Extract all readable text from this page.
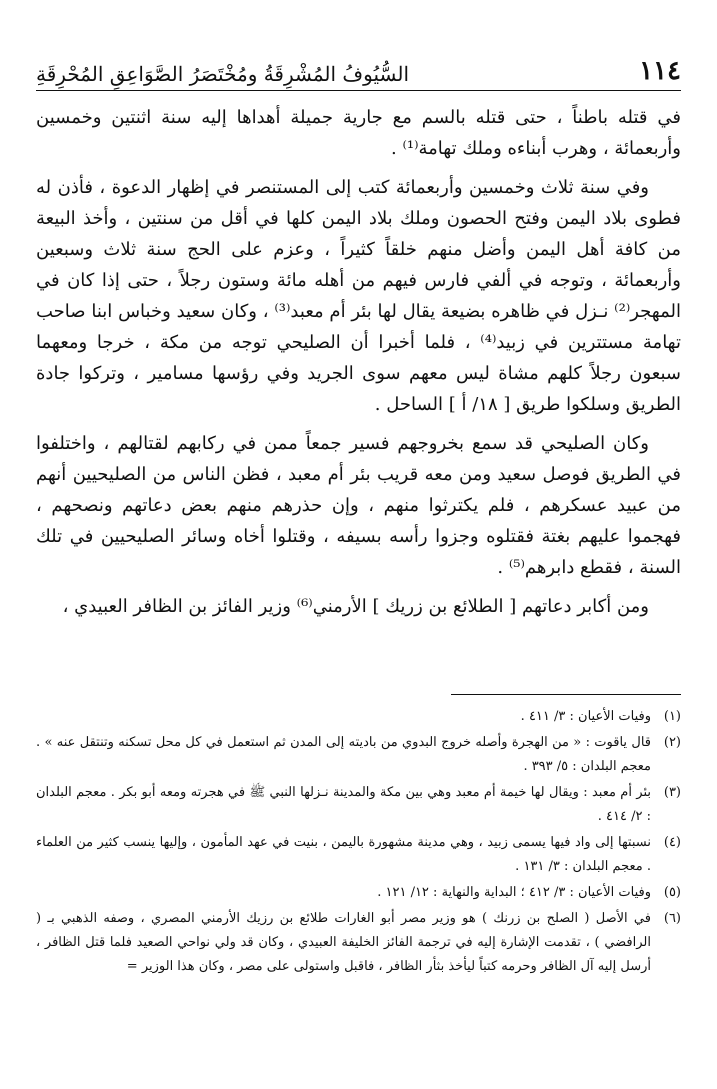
١١٤
السُّيُوفُ المُشْرِقَةُ ومُخْتَصَرُ الصَّوَاعِقِ المُحْرِقَةِ

في قتله باطناً ، حتى قتله بالسم مع جارية جميلة أهداها إليه سنة اثنتين وخمسين وأربعمائة ، وهرب أبناءه وملك تهامة⁽¹⁾ .

وفي سنة ثلاث وخمسين وأربعمائة كتب إلى المستنصر في إظهار الدعوة ، فأذن له فطوى بلاد اليمن وفتح الحصون وملك بلاد اليمن كلها في أقل من سنتين ، وأخذ البيعة من كافة أهل اليمن وأضل منهم خلقاً كثيراً ، وعزم على الحج سنة ثلاث وسبعين وأربعمائة ، وتوجه في ألفي فارس فيهم من أهله مائة وستون رجلاً ، حتى إذا كان في المهجر⁽²⁾ نـزل في ظاهره بضيعة يقال لها بئر أم معبد⁽³⁾ ، وكان سعيد وخباس ابنا صاحب تهامة مستترين في زبيد⁽⁴⁾ ، فلما أخبرا أن الصليحي توجه من مكة ، خرجا ومعهما سبعون رجلاً كلهم مشاة ليس معهم سوى الجريد وفي رؤسها مسامير ، وتركوا جادة الطريق وسلكوا طريق [ ١٨/ أ ] الساحل .

وكان الصليحي قد سمع بخروجهم فسير جمعاً ممن في ركابهم لقتالهم ، واختلفوا في الطريق فوصل سعيد ومن معه قريب بئر أم معبد ، فظن الناس من الصليحيين أنهم من عبيد عسكرهم ، فلم يكترثوا منهم ، وإن حذرهم منهم بعض دعاتهم ونصحهم ، فهجموا عليهم بغتة فقتلوه وجزوا رأسه بسيفه ، وقتلوا أخاه وسائر الصليحيين في تلك السنة ، فقطع دابرهم⁽⁵⁾ .

ومن أكابر دعاتهم [ الطلائع بن زريك ] الأرمني⁽⁶⁾ وزير الفائز بن الظافر العبيدي ،

(١)
وفيات الأعيان : ٣/ ٤١١ .
(٢)
قال ياقوت : « من الهجرة وأصله خروج البدوي من باديته إلى المدن ثم استعمل في كل محل تسكنه وتنتقل عنه » . معجم البلدان : ٥/ ٣٩٣ .
(٣)
بئر أم معبد : ويقال لها خيمة أم معبد وهي بين مكة والمدينة نـزلها النبي ﷺ في هجرته ومعه أبو بكر . معجم البلدان : ٢/ ٤١٤ .
(٤)
نسبتها إلى واد فيها يسمى زبيد ، وهي مدينة مشهورة باليمن ، بنيت في عهد المأمون ، وإليها ينسب كثير من العلماء . معجم البلدان : ٣/ ١٣١ .
(٥)
وفيات الأعيان : ٣/ ٤١٢ ؛ البداية والنهاية : ١٢/ ١٢١ .
(٦)
في الأصل ( الصلح بن زرنك ) هو وزير مصر أبو الغارات طلائع بن رزيك الأرمني المصري ، وصفه الذهبي بـ ( الرافضي ) ، تقدمت الإشارة إليه في ترجمة الفائز الخليفة العبيدي ، وكان قد ولي نواحي الصعيد فلما قتل الظافر ، أرسل إليه آل الظافر وحرمه كتباً ليأخذ بثأر الظافر ، فاقبل واستولى على مصر ، وكان هذا الوزير =
